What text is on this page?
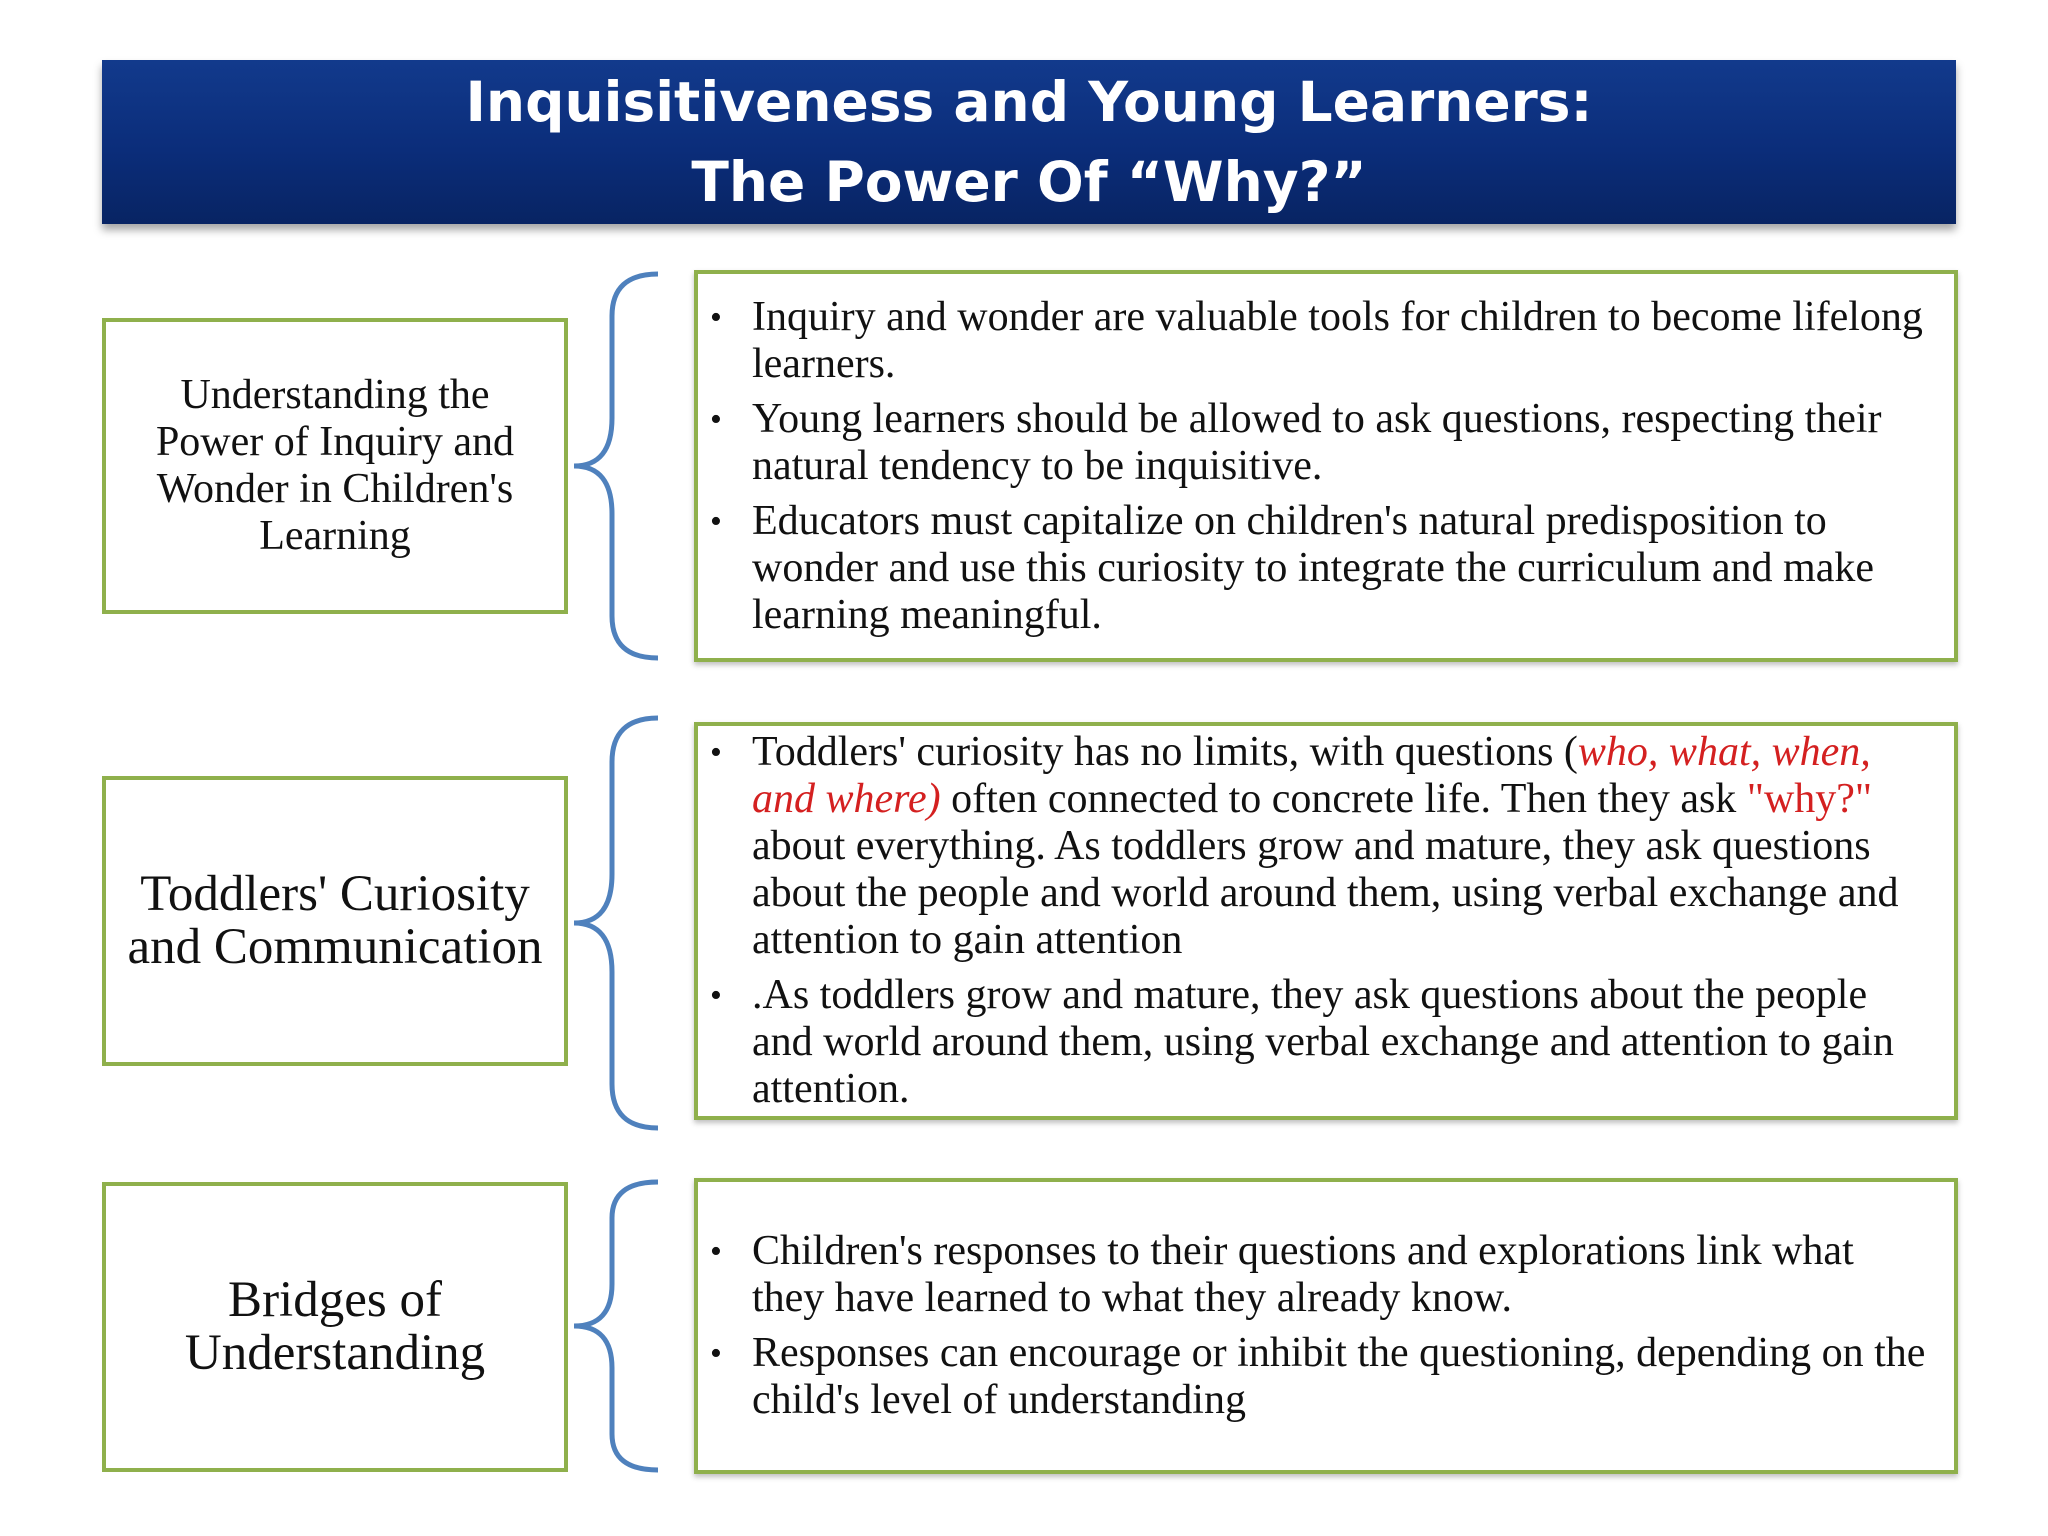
Inquisitiveness and Young Learners:
The Power Of “Why?”
Understanding the Power of Inquiry and Wonder in Children's Learning
• Inquiry and wonder are valuable tools for children to become lifelong learners.
• Young learners should be allowed to ask questions, respecting their natural tendency to be inquisitive.
• Educators must capitalize on children's natural predisposition to wonder and use this curiosity to integrate the curriculum and make learning meaningful.
Toddlers' Curiosity and Communication
• Toddlers' curiosity has no limits, with questions (who, what, when, and where) often connected to concrete life. Then they ask "why?" about everything. As toddlers grow and mature, they ask questions about the people and world around them, using verbal exchange and attention to gain attention
• .As toddlers grow and mature, they ask questions about the people and world around them, using verbal exchange and attention to gain attention.
Bridges of Understanding
• Children's responses to their questions and explorations link what they have learned to what they already know.
• Responses can encourage or inhibit the questioning, depending on the child's level of understanding
